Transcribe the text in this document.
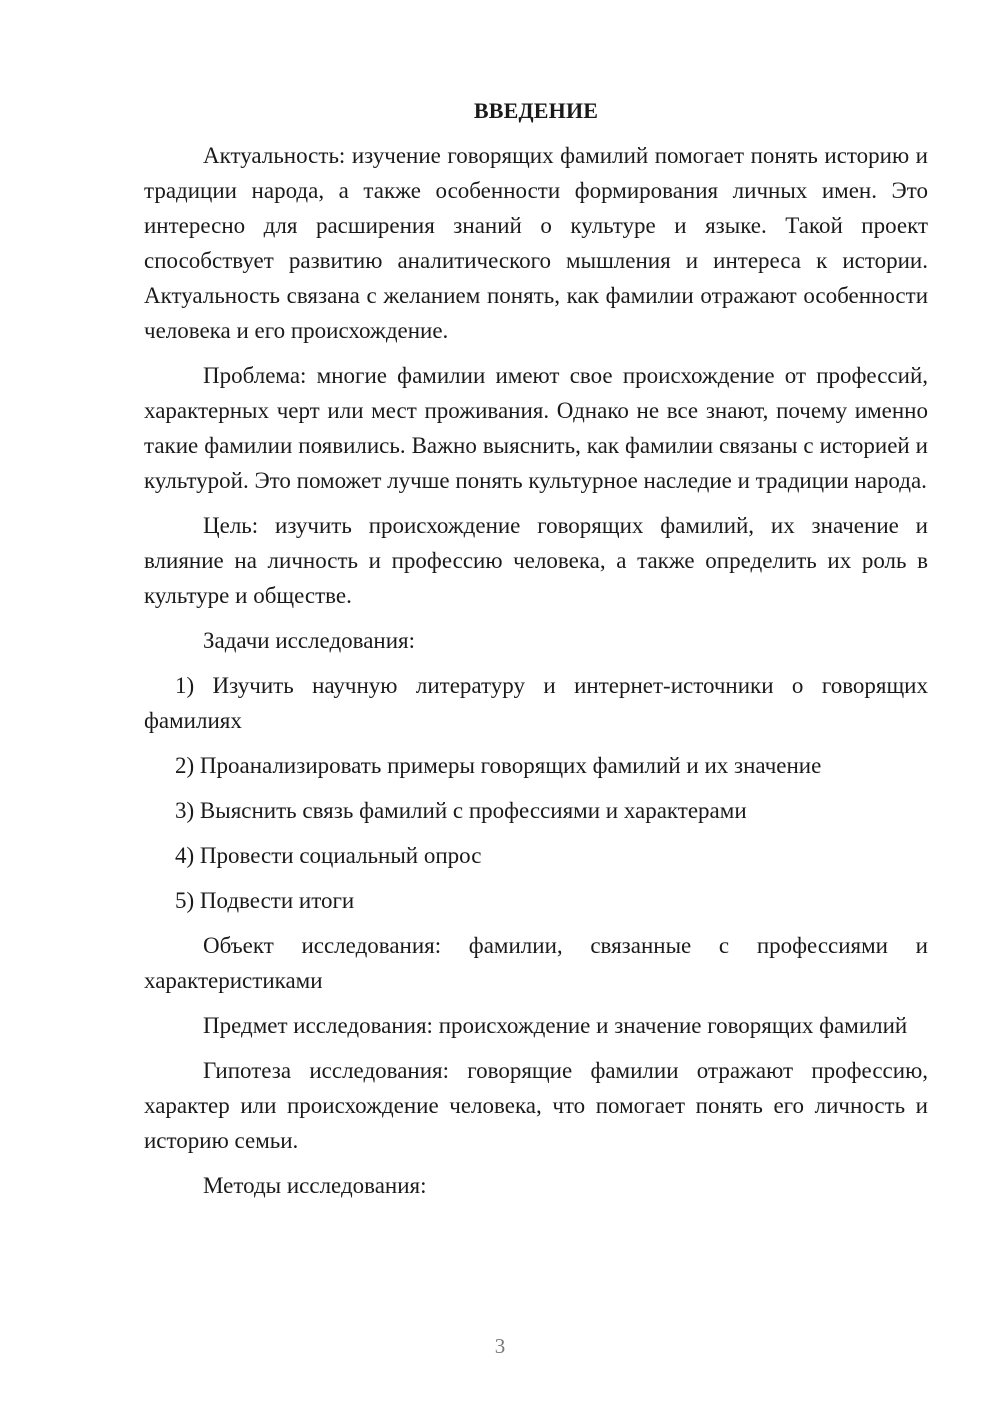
ВВЕДЕНИЕ

Актуальность: изучение говорящих фамилий помогает понять историю и традиции народа, а также особенности формирования личных имен. Это интересно для расширения знаний о культуре и языке. Такой проект способствует развитию аналитического мышления и интереса к истории. Актуальность связана с желанием понять, как фамилии отражают особенности человека и его происхождение.

Проблема: многие фамилии имеют свое происхождение от профессий, характерных черт или мест проживания. Однако не все знают, почему именно такие фамилии появились. Важно выяснить, как фамилии связаны с историей и культурой. Это поможет лучше понять культурное наследие и традиции народа.

Цель: изучить происхождение говорящих фамилий, их значение и влияние на личность и профессию человека, а также определить их роль в культуре и обществе.

Задачи исследования:

1) Изучить научную литературу и интернет-источники о говорящих фамилиях

2) Проанализировать примеры говорящих фамилий и их значение

3) Выяснить связь фамилий с профессиями и характерами

4) Провести социальный опрос

5) Подвести итоги

Объект исследования: фамилии, связанные с профессиями и характеристиками

Предмет исследования: происхождение и значение говорящих фамилий

Гипотеза исследования: говорящие фамилии отражают профессию, характер или происхождение человека, что помогает понять его личность и историю семьи.

Методы исследования:

3
